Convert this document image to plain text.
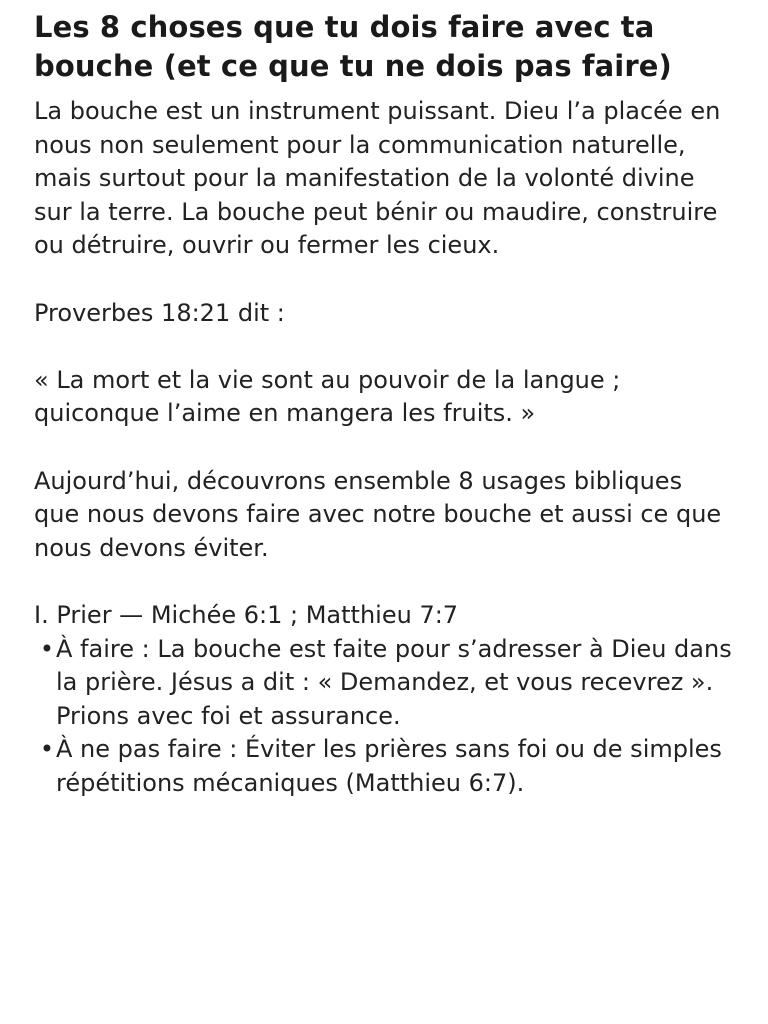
Les 8 choses que tu dois faire avec ta bouche (et ce que tu ne dois pas faire)

La bouche est un instrument puissant. Dieu l’a placée en nous non seulement pour la communication naturelle, mais surtout pour la manifestation de la volonté divine sur la terre. La bouche peut bénir ou maudire, construire ou détruire, ouvrir ou fermer les cieux.

Proverbes 18:21 dit :

« La mort et la vie sont au pouvoir de la langue ; quiconque l’aime en mangera les fruits. »

Aujourd’hui, découvrons ensemble 8 usages bibliques que nous devons faire avec notre bouche et aussi ce que nous devons éviter.

I. Prier — Michée 6:1 ; Matthieu 7:7

•À faire : La bouche est faite pour s’adresser à Dieu dans la prière. Jésus a dit : « Demandez, et vous recevrez ». Prions avec foi et assurance.

•À ne pas faire : Éviter les prières sans foi ou de simples répétitions mécaniques (Matthieu 6:7).
